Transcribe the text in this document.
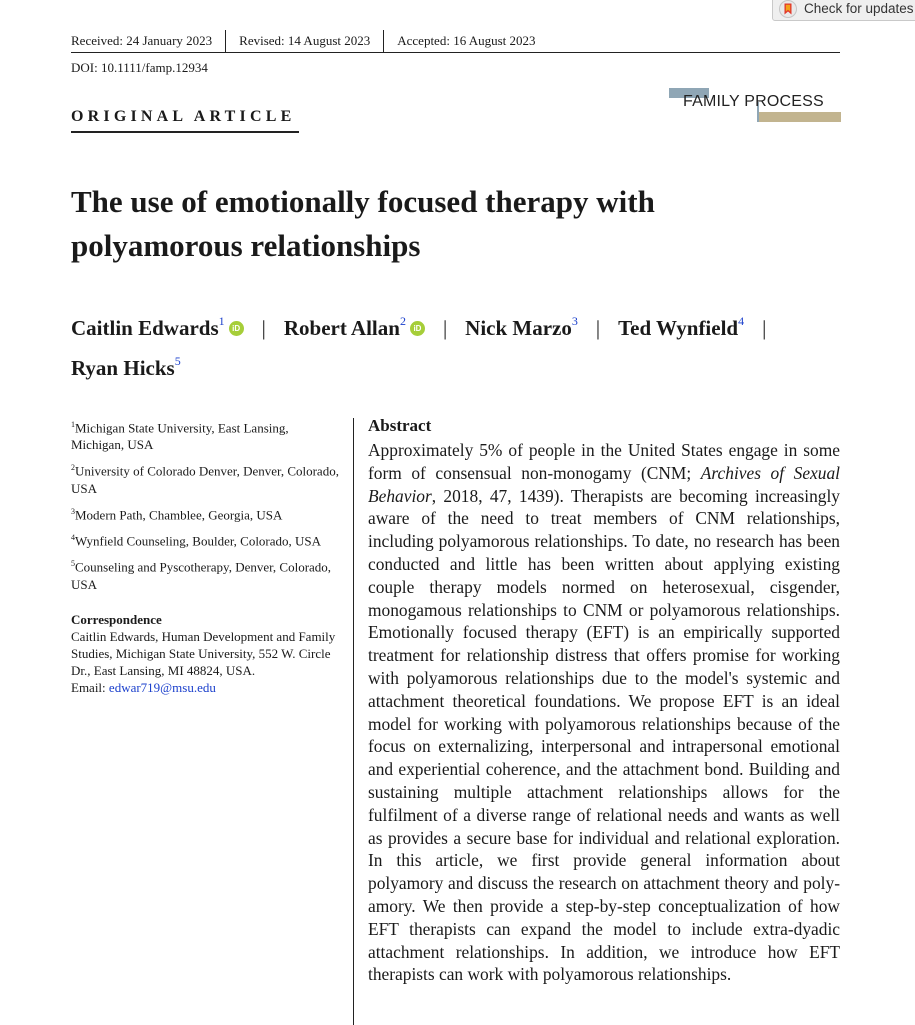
Check for updates
Received: 24 January 2023 Revised: 14 August 2023 Accepted: 16 August 2023
DOI: 10.1111/famp.12934
ORIGINAL ARTICLE
FAMILY PROCESS
The use of emotionally focused therapy with polyamorous relationships
Caitlin Edwards$^1$iD | Robert Allan$^2$iD | Nick Marzo$^3$ | Ted Wynfield$^4$ |
Ryan Hicks$^5$
$^1$Michigan State University, East Lansing, Michigan, USA
$^2$University of Colorado Denver, Denver, Colorado, USA
$^3$Modern Path, Chamblee, Georgia, USA
$^4$Wynfield Counseling, Boulder, Colorado, USA
$^5$Counseling and Pyscotherapy, Denver, Colorado, USA
Correspondence
Caitlin Edwards, Human Development and Family Studies, Michigan State University, 552 W. Circle Dr., East Lansing, MI 48824, USA.
Email: edwar719@msu.edu
Abstract
Approximately 5% of people in the United States engage in some form of consensual non-monogamy (CNM; Archives of Sexual Behavior, 2018, 47, 1439). Therapists are becoming increasingly aware of the need to treat members of CNM relationships, including polyamorous relationships. To date, no research has been conducted and little has been written about applying existing couple therapy models normed on heterosexual, cisgender, monogamous relationships to CNM or polyamorous relationships. Emotionally focused therapy (EFT) is an empirically supported treatment for relationship distress that offers promise for working with polyamorous relationships due to the model's systemic and attachment theoretical foundations. We propose EFT is an ideal model for working with polyamorous relationships because of the focus on externalizing, interpersonal and intrapersonal emotional and experiential coherence, and the attachment bond. Building and sustaining multiple attachment relationships allows for the fulfilment of a diverse range of relational needs and wants as well as provides a secure base for individual and relational exploration. In this article, we first provide general information about polyamory and discuss the research on attachment theory and polyamory. We then provide a step-by-step conceptualization of how EFT therapists can expand the model to include extra-dyadic attachment relationships. In addition, we introduce how EFT therapists can work with polyamorous relationships.
